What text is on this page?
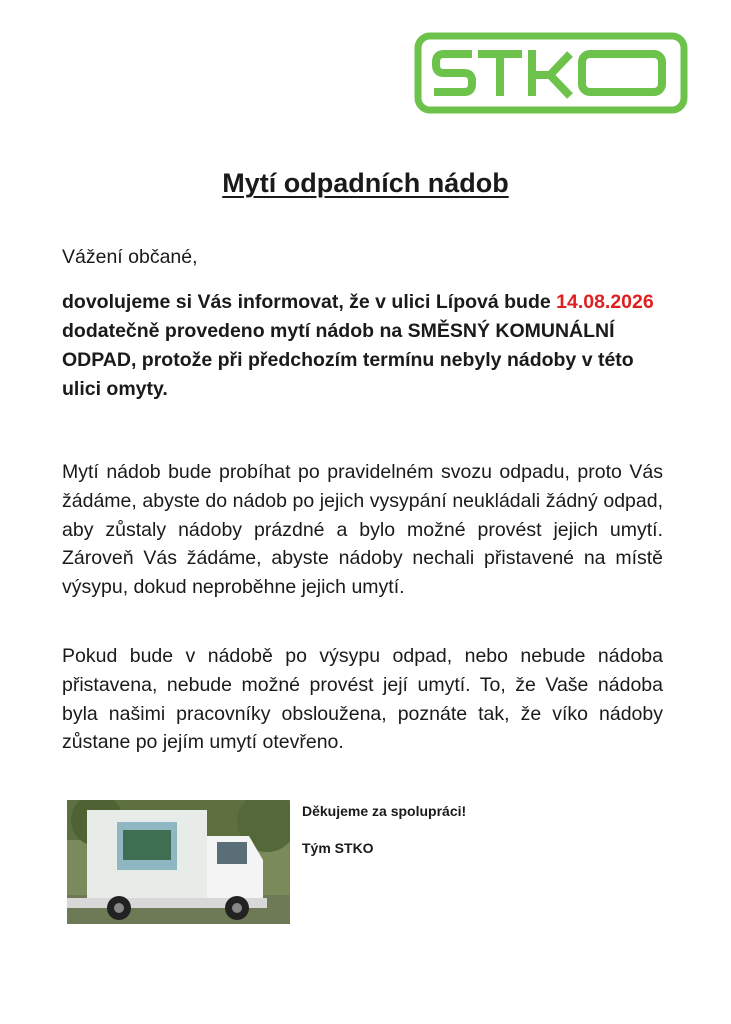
Mytí odpadních nádob
Vážení občané,
dovolujeme si Vás informovat, že v ulici Lípová bude 14.08.2026 dodatečně provedeno mytí nádob na SMĚSNÝ KOMUNÁLNÍ ODPAD, protože při předchozím termínu nebyly nádoby v této ulici omyty.
Mytí nádob bude probíhat po pravidelném svozu odpadu, proto Vás žádáme, abyste do nádob po jejich vysypání neukládali žádný odpad, aby zůstaly nádoby prázdné a bylo možné provést jejich umytí. Zároveň Vás žádáme, abyste nádoby nechali přistavené na místě výsypu, dokud neproběhne jejich umytí.
Pokud bude v nádobě po výsypu odpad, nebo nebude nádoba přistavena, nebude možné provést její umytí. To, že Vaše nádoba byla našimi pracovníky obsloužena, poznáte tak, že víko nádoby zůstane po jejím umytí otevřeno.
Děkujeme za spolupráci!
Tým STKO
